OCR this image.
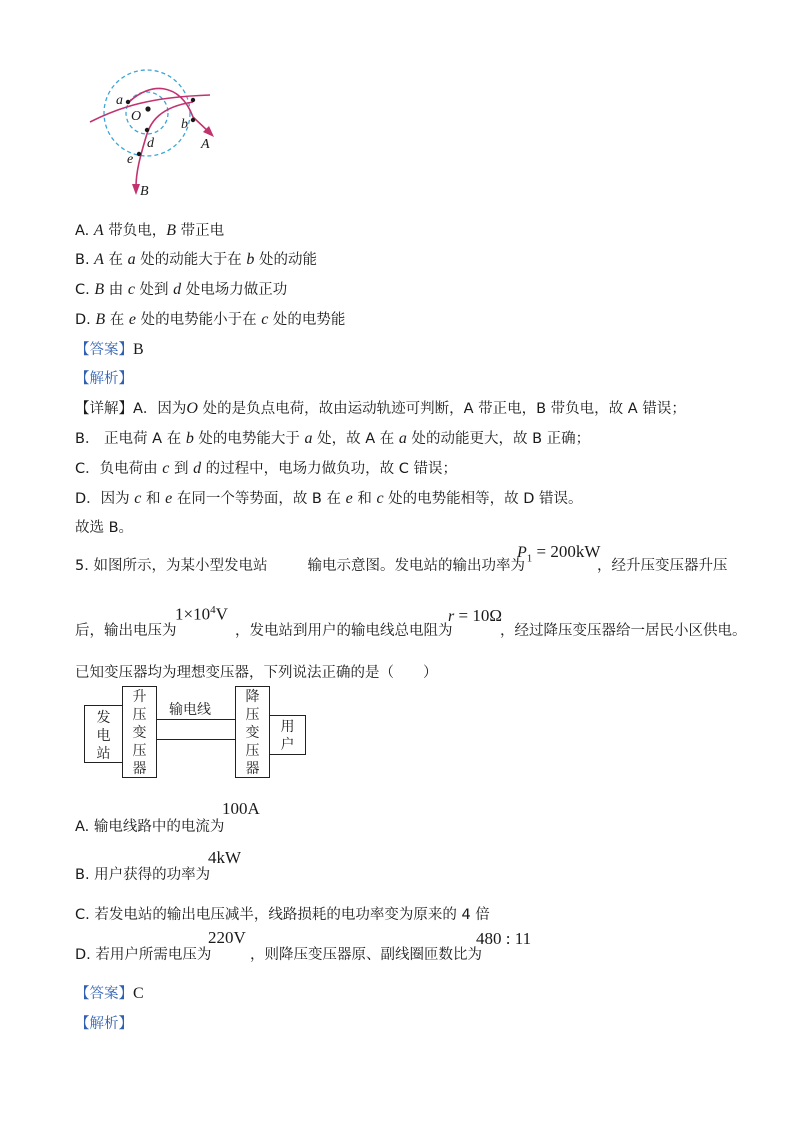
a
O
b
d
e
A
B
A. A 带负电，B 带正电
B. A 在 a 处的动能大于在 b 处的动能
C. B 由 c 处到 d 处电场力做正功
D. B 在 e 处的电势能小于在 c 处的电势能
【答案】B
【解析】
【详解】A．因为O 处的是负点电荷，故由运动轨迹可判断，A 带正电，B 带负电，故 A 错误；
B． 正电荷 A 在 b 处的电势能大于 a 处，故 A 在 a 处的动能更大，故 B 正确；
C．负电荷由 c 到 d 的过程中，电场力做负功，故 C 错误；
D．因为 c 和 e 在同一个等势面，故 B 在 e 和 c 处的电势能相等，故 D 错误。
故选 B。
5. 如图所示，为某小型发电站	输电示意图。发电站的输出功率为
$P_1 = 200kW$
，经升压变压器升压
后，输出电压为
$1\times 10^4V$
，发电站到用户的输电线总电阻为
r = 10Ω
，经过降压变压器给一居民小区供电。
已知变压器均为理想变压器，下列说法正确的是（　　）
发
电
站
升
压
变
压
器
输电线
降
压
变
压
器
用
户
A. 输电线路中的电流为
100A
B. 用户获得的功率为
4kW
C. 若发电站的输出电压减半，线路损耗的电功率变为原来的 4 倍
D. 若用户所需电压为
220V
，则降压变压器原、副线圈匝数比为
480 : 11
【答案】C
【解析】
